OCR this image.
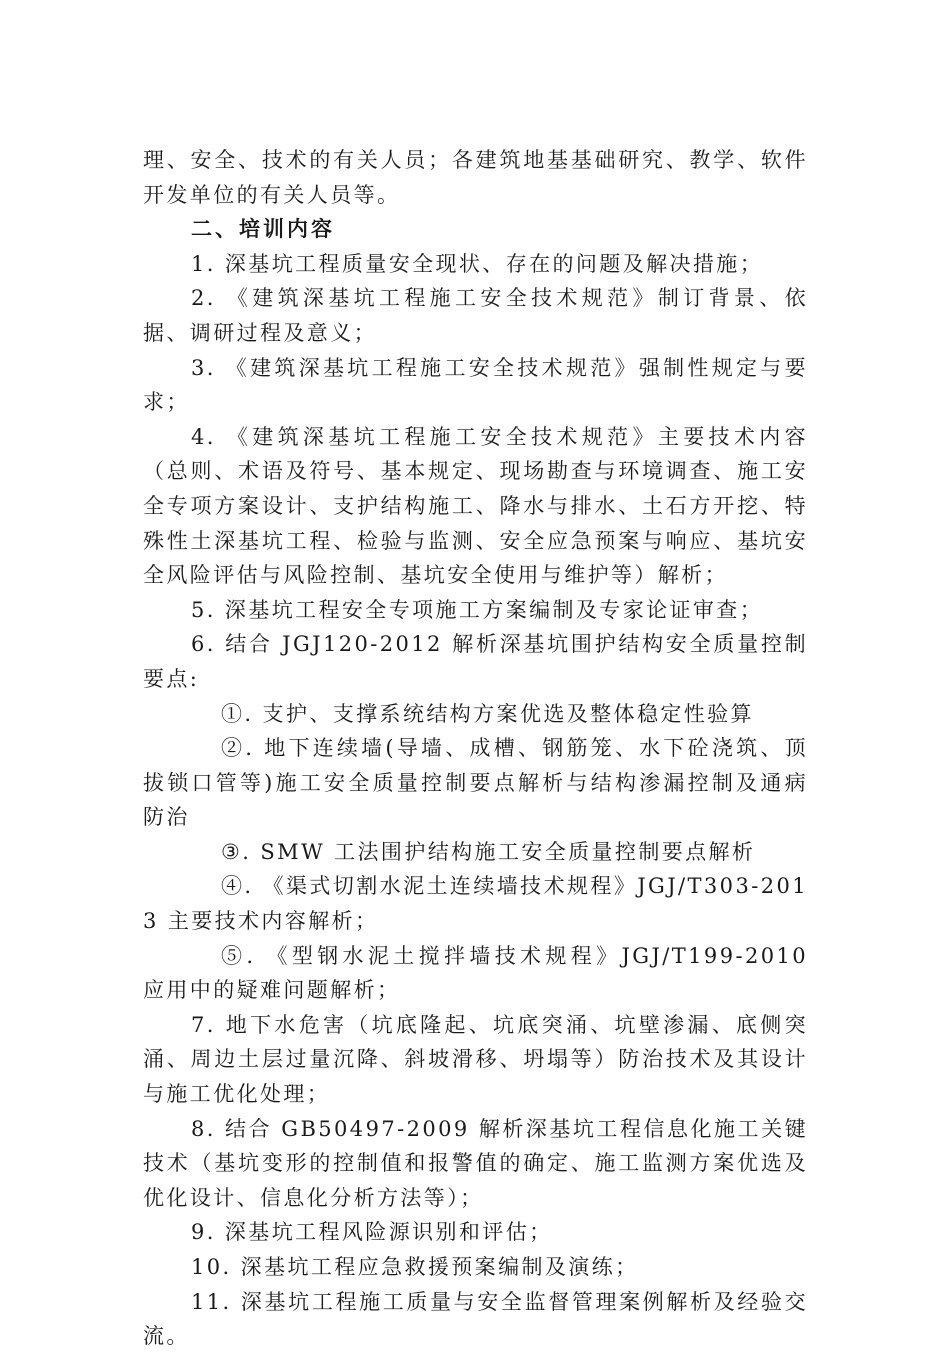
理、安全、技术的有关人员；各建筑地基基础研究、教学、软件开发单位的有关人员等。

二、培训内容

1. 深基坑工程质量安全现状、存在的问题及解决措施；

2. 《建筑深基坑工程施工安全技术规范》制订背景、依据、调研过程及意义；

3. 《建筑深基坑工程施工安全技术规范》强制性规定与要求；

4. 《建筑深基坑工程施工安全技术规范》主要技术内容（总则、术语及符号、基本规定、现场勘查与环境调查、施工安全专项方案设计、支护结构施工、降水与排水、土石方开挖、特殊性土深基坑工程、检验与监测、安全应急预案与响应、基坑安全风险评估与风险控制、基坑安全使用与维护等）解析；

5. 深基坑工程安全专项施工方案编制及专家论证审查；

6. 结合 JGJ120-2012 解析深基坑围护结构安全质量控制要点:

①. 支护、支撑系统结构方案优选及整体稳定性验算

②. 地下连续墙(导墙、成槽、钢筋笼、水下砼浇筑、顶拔锁口管等)施工安全质量控制要点解析与结构渗漏控制及通病防治

③. SMW 工法围护结构施工安全质量控制要点解析

④. 《渠式切割水泥土连续墙技术规程》JGJ/T303-2013 主要技术内容解析；

⑤. 《型钢水泥土搅拌墙技术规程》JGJ/T199-2010 应用中的疑难问题解析；

7. 地下水危害（坑底隆起、坑底突涌、坑壁渗漏、底侧突涌、周边土层过量沉降、斜坡滑移、坍塌等）防治技术及其设计与施工优化处理；

8. 结合 GB50497-2009 解析深基坑工程信息化施工关键技术（基坑变形的控制值和报警值的确定、施工监测方案优选及优化设计、信息化分析方法等）；

9. 深基坑工程风险源识别和评估；

10. 深基坑工程应急救援预案编制及演练；

11. 深基坑工程施工质量与安全监督管理案例解析及经验交流。
